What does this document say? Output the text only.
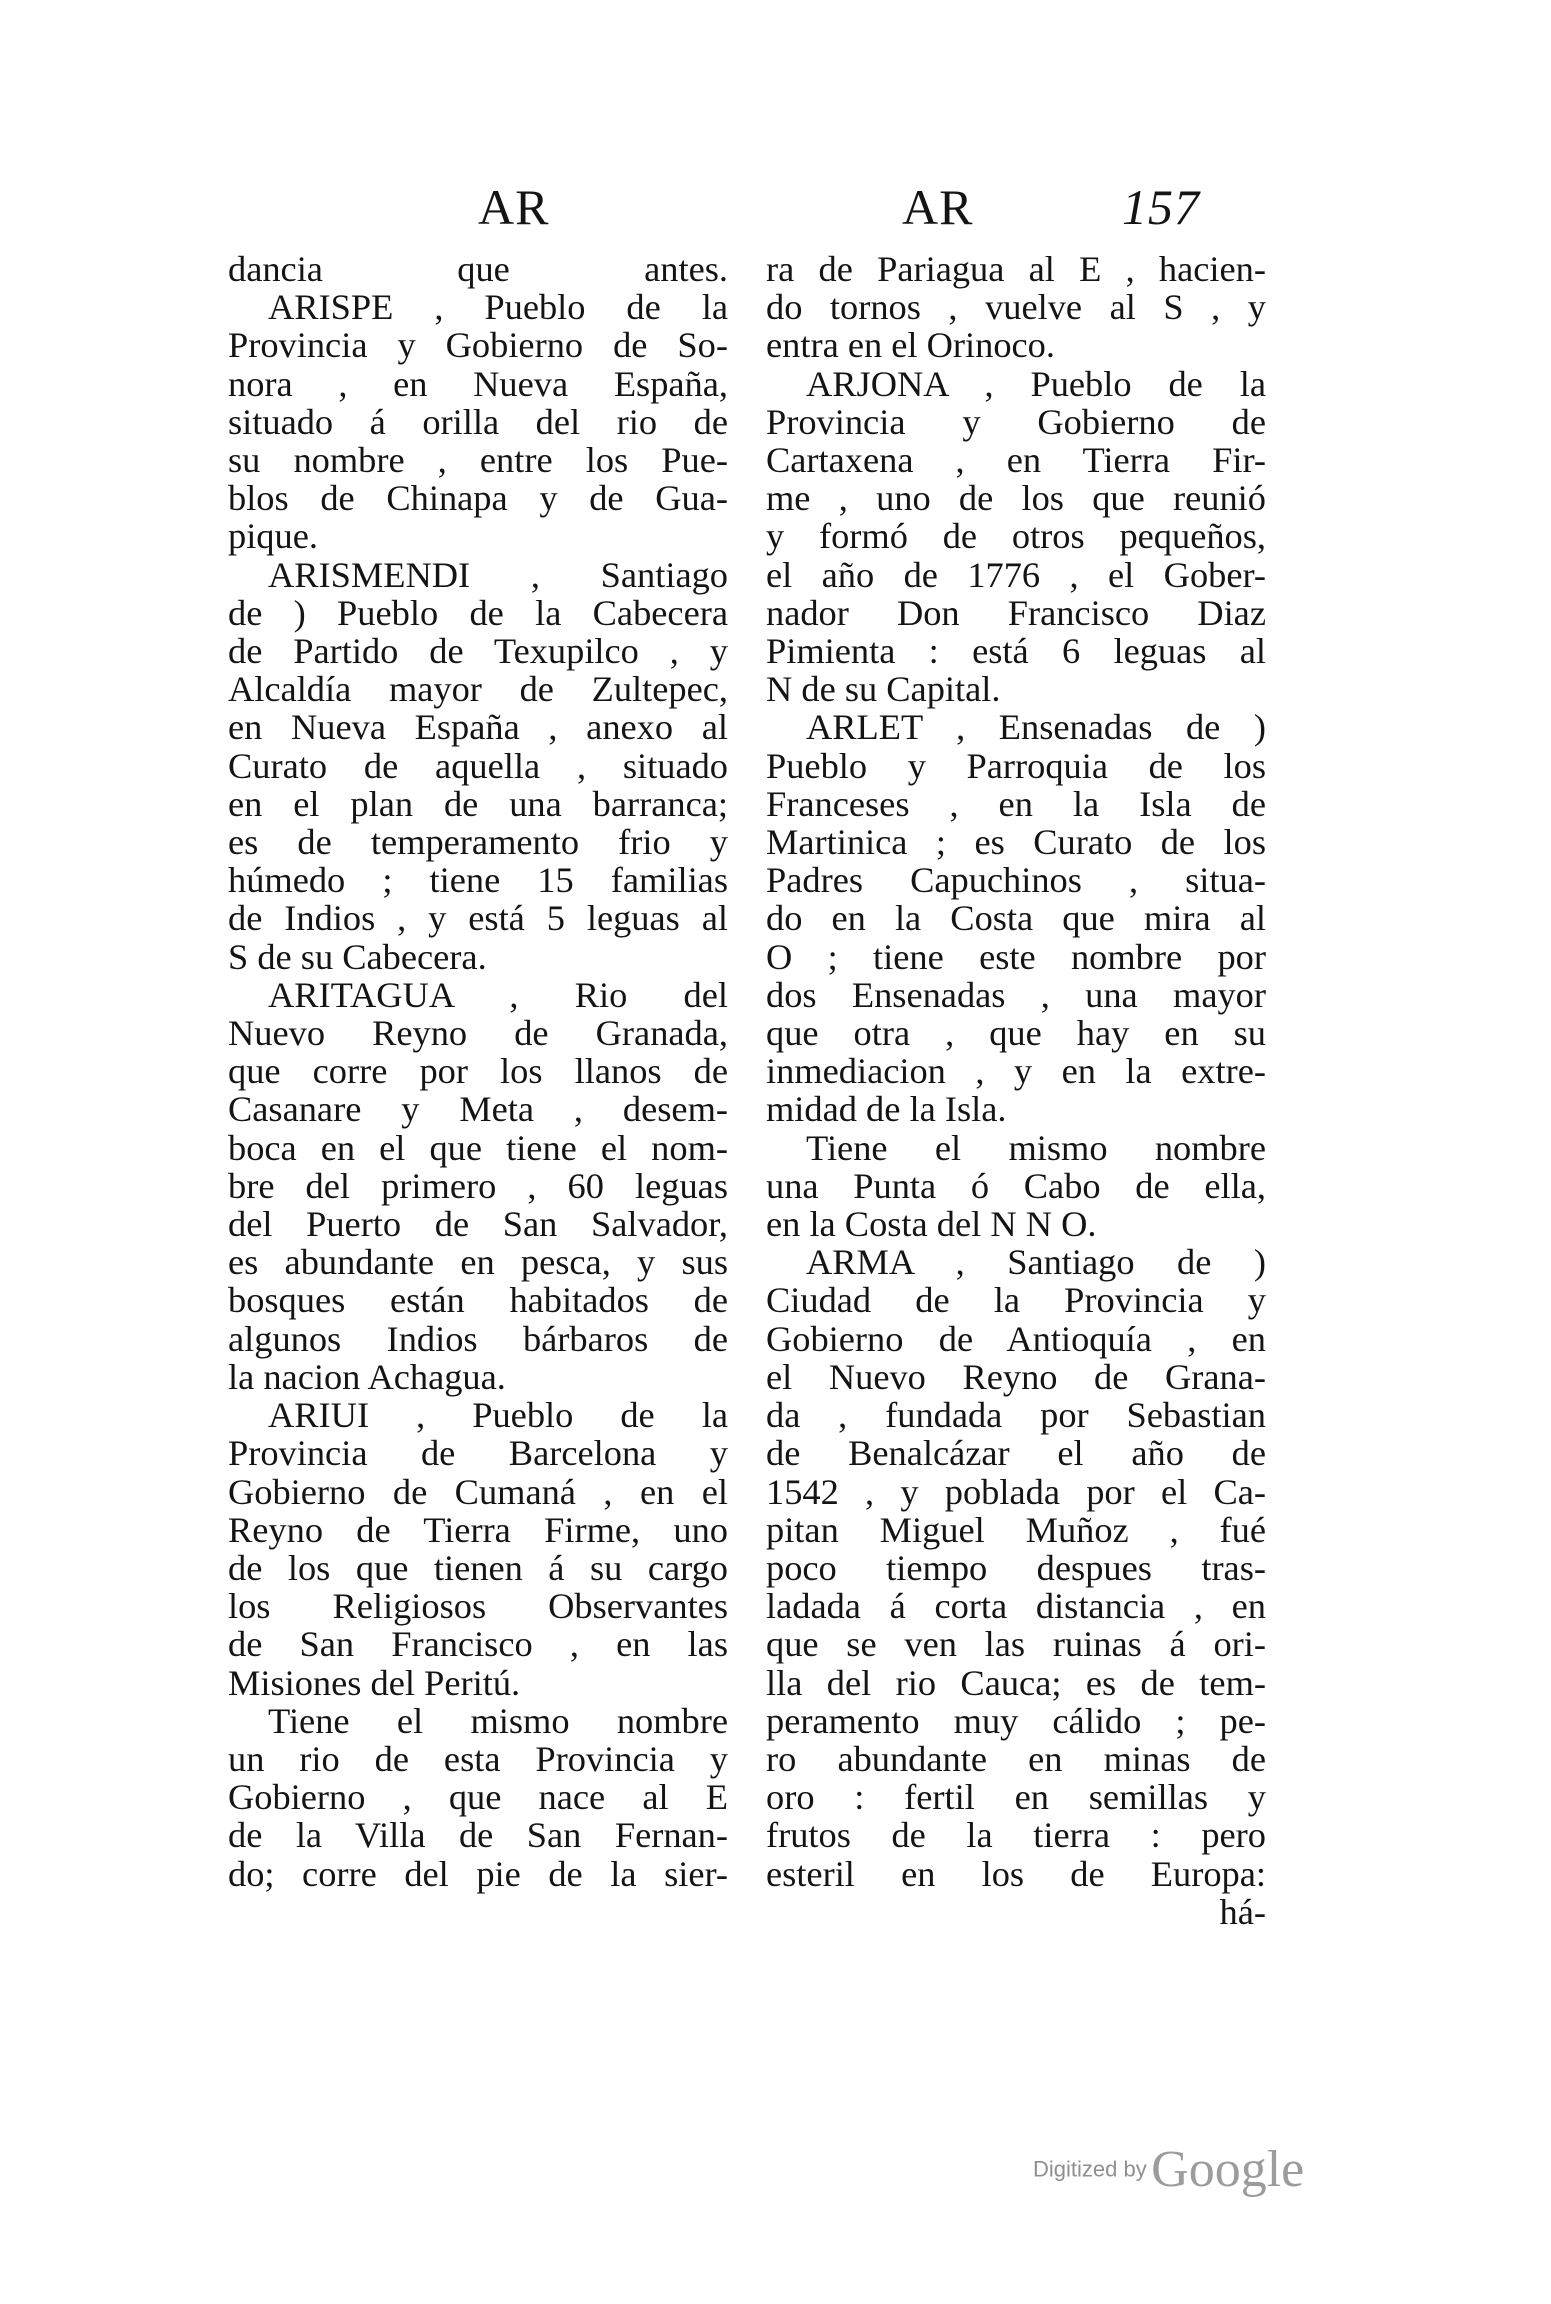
AR	AR	157
dancia que antes.
ARISPE , Pueblo de la
Provincia y Gobierno de So-
nora , en Nueva España,
situado á orilla del rio de
su nombre , entre los Pue-
blos de Chinapa y de Gua-
pique.
ARISMENDI , Santiago
de ) Pueblo de la Cabecera
de Partido de Texupilco , y
Alcaldía mayor de Zultepec,
en Nueva España , anexo al
Curato de aquella , situado
en el plan de una barranca;
es de temperamento frio y
húmedo ; tiene 15 familias
de Indios , y está 5 leguas al
S de su Cabecera.
ARITAGUA , Rio del
Nuevo Reyno de Granada,
que corre por los llanos de
Casanare y Meta , desem-
boca en el que tiene el nom-
bre del primero , 60 leguas
del Puerto de San Salvador,
es abundante en pesca, y sus
bosques están habitados de
algunos Indios bárbaros de
la nacion Achagua.
ARIUI , Pueblo de la
Provincia de Barcelona y
Gobierno de Cumaná , en el
Reyno de Tierra Firme, uno
de los que tienen á su cargo
los Religiosos Observantes
de San Francisco , en las
Misiones del Peritú.
Tiene el mismo nombre
un rio de esta Provincia y
Gobierno , que nace al E
de la Villa de San Fernan-
do; corre del pie de la sier-
ra de Pariagua al E , hacien-
do tornos , vuelve al S , y
entra en el Orinoco.
ARJONA , Pueblo de la
Provincia y Gobierno de
Cartaxena , en Tierra Fir-
me , uno de los que reunió
y formó de otros pequeños,
el año de 1776 , el Gober-
nador Don Francisco Diaz
Pimienta : está 6 leguas al
N de su Capital.
ARLET , Ensenadas de )
Pueblo y Parroquia de los
Franceses , en la Isla de
Martinica ; es Curato de los
Padres Capuchinos , situa-
do en la Costa que mira al
O ; tiene este nombre por
dos Ensenadas , una mayor
que otra , que hay en su
inmediacion , y en la extre-
midad de la Isla.
Tiene el mismo nombre
una Punta ó Cabo de ella,
en la Costa del N N O.
ARMA , Santiago de )
Ciudad de la Provincia y
Gobierno de Antioquía , en
el Nuevo Reyno de Grana-
da , fundada por Sebastian
de Benalcázar el año de
1542 , y poblada por el Ca-
pitan Miguel Muñoz , fué
poco tiempo despues tras-
ladada á corta distancia , en
que se ven las ruinas á ori-
lla del rio Cauca; es de tem-
peramento muy cálido ; pe-
ro abundante en minas de
oro : fertil en semillas y
frutos de la tierra : pero
esteril en los de Europa:
há-
Digitized by Google
